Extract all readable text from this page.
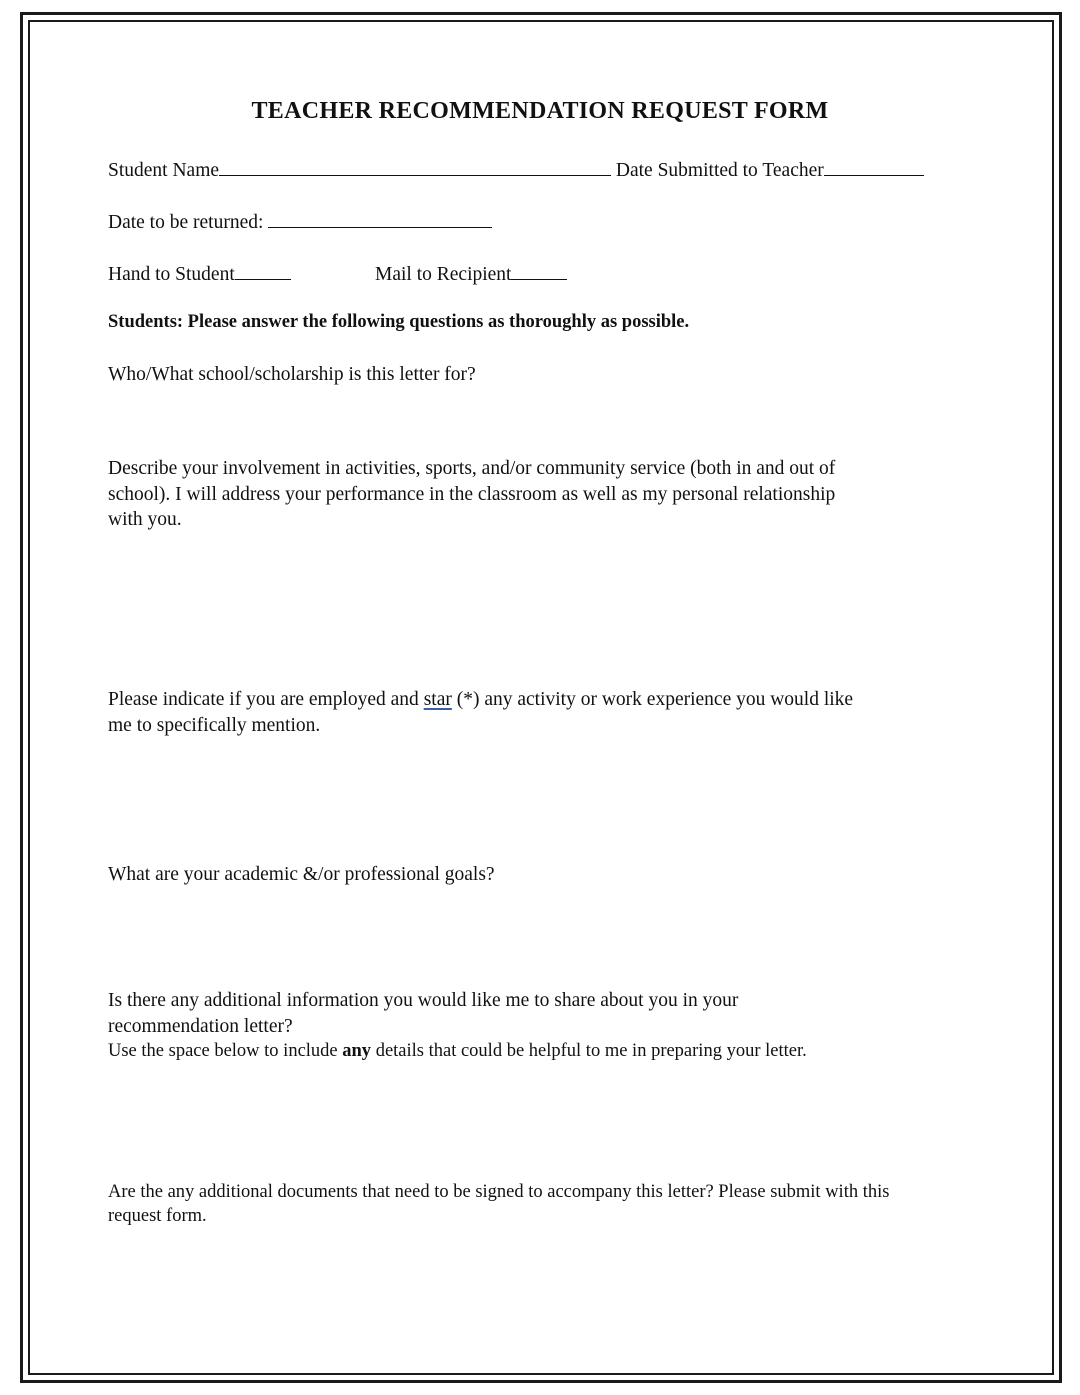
TEACHER RECOMMENDATION REQUEST FORM
Student Name	Date Submitted to Teacher
Date to be returned:
Hand to Student	Mail to Recipient
Students: Please answer the following questions as thoroughly as possible.
Who/What school/scholarship is this letter for?
Describe your involvement in activities, sports, and/or community service (both in and out of
school). I will address your performance in the classroom as well as my personal relationship
with you.
Please indicate if you are employed and star (*) any activity or work experience you would like
me to specifically mention.
What are your academic &/or professional goals?
Is there any additional information you would like me to share about you in your
recommendation letter?
Use the space below to include any details that could be helpful to me in preparing your letter.
Are the any additional documents that need to be signed to accompany this letter? Please submit with this
request form.
